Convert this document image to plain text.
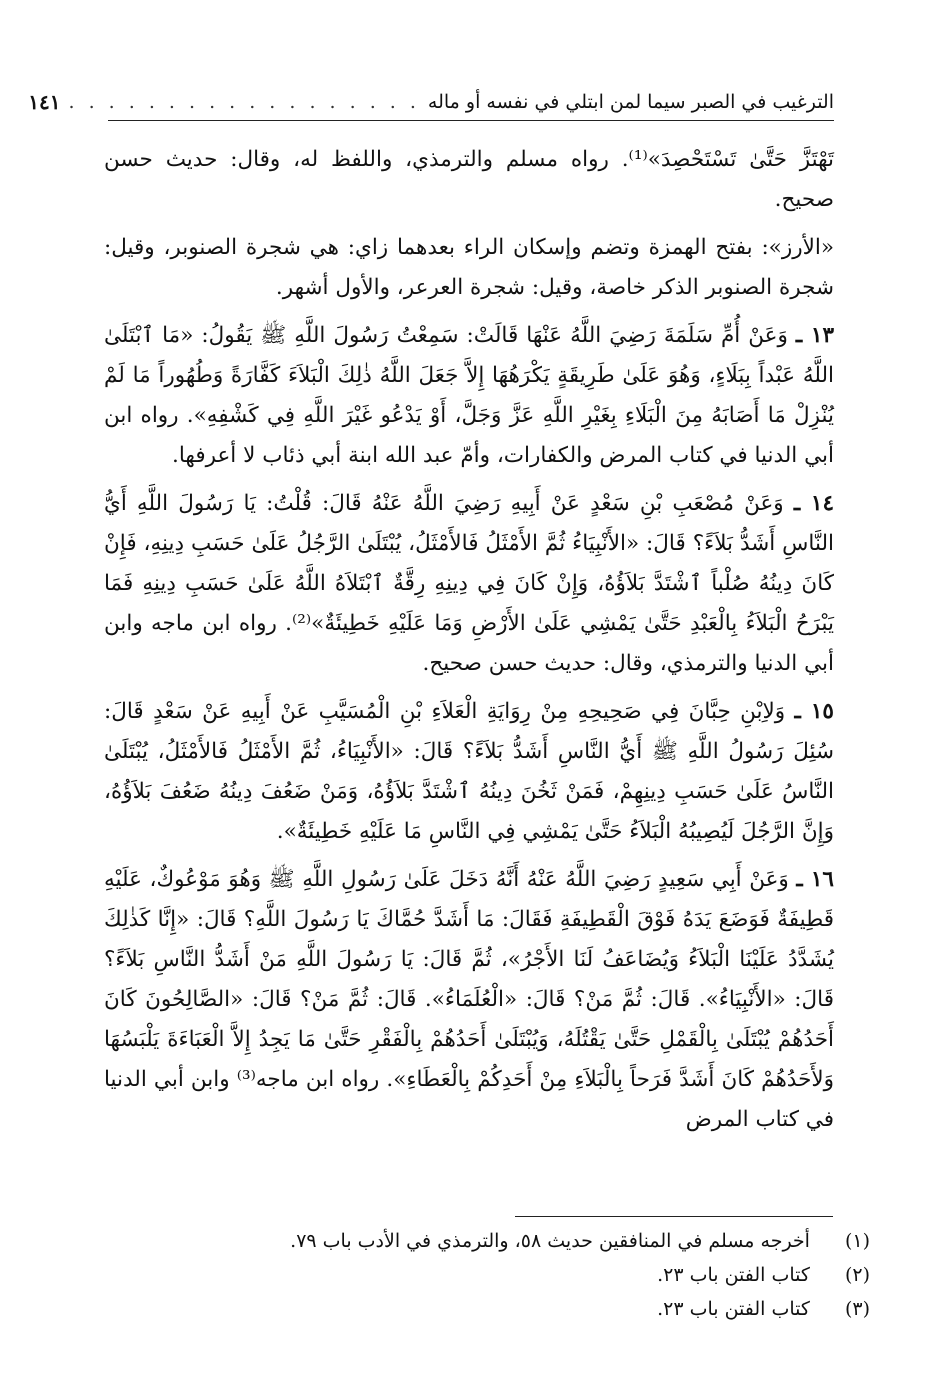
الترغيب في الصبر سيما لمن ابتلي في نفسه أو ماله
. . . . . . . . . . . . . . . . . .
١٤١

تَهْتَزَّ حَتَّىٰ تَسْتَحْصِدَ»⁽¹⁾. رواه مسلم والترمذي، واللفظ له، وقال: حديث حسن صحيح.

«الأرز»: بفتح الهمزة وتضم وإسكان الراء بعدهما زاي: هي شجرة الصنوبر، وقيل: شجرة الصنوبر الذكر خاصة، وقيل: شجرة العرعر، والأول أشهر.

١٣ ـ وَعَنْ أُمِّ سَلَمَةَ رَضِيَ اللَّهُ عَنْهَا قَالَتْ: سَمِعْتُ رَسُولَ اللَّهِ ﷺ يَقُولُ: «مَا ٱبْتَلَىٰ اللَّهُ عَبْداً بِبَلَاءٍ، وَهُوَ عَلَىٰ طَرِيقَةٍ يَكْرَهُهَا إِلاَّ جَعَلَ اللَّهُ ذٰلِكَ الْبَلاَءَ كَفَّارَةً وَطُهُوراً مَا لَمْ يُنْزِلْ مَا أَصَابَهُ مِنَ الْبَلَاءِ بِغَيْرِ اللَّهِ عَزَّ وَجَلَّ، أَوْ يَدْعُو غَيْرَ اللَّهِ فِي كَشْفِهِ». رواه ابن أبي الدنيا في كتاب المرض والكفارات، وأمّ عبد الله ابنة أبي ذئاب لا أعرفها.

١٤ ـ وَعَنْ مُصْعَبِ بْنِ سَعْدٍ عَنْ أَبِيهِ رَضِيَ اللَّهُ عَنْهُ قَالَ: قُلْتُ: يَا رَسُولَ اللَّهِ أَيُّ النَّاسِ أَشَدُّ بَلاَءً؟ قَالَ: «الأَنْبِيَاءُ ثُمَّ الأَمْثَلُ فَالأَمْثَلُ، يُبْتَلَىٰ الرَّجُلُ عَلَىٰ حَسَبِ دِينِهِ، فَإِنْ كَانَ دِينُهُ صُلْباً ٱشْتَدَّ بَلاَؤُهُ، وَإِنْ كَانَ فِي دِينِهِ رِقَّةٌ ٱبْتَلاَهُ اللَّهُ عَلَىٰ حَسَبِ دِينِهِ فَمَا يَبْرَحُ الْبَلاَءُ بِالْعَبْدِ حَتَّىٰ يَمْشِي عَلَىٰ الأَرْضِ وَمَا عَلَيْهِ خَطِيئَةٌ»⁽²⁾. رواه ابن ماجه وابن أبي الدنيا والترمذي، وقال: حديث حسن صحيح.

١٥ ـ وَلاِبْنِ حِبَّانَ فِي صَحِيحِهِ مِنْ رِوَايَةِ الْعَلاَءِ بْنِ الْمُسَيَّبِ عَنْ أَبِيهِ عَنْ سَعْدٍ قَالَ: سُئِلَ رَسُولُ اللَّهِ ﷺ أَيُّ النَّاسِ أَشَدُّ بَلاَءً؟ قَالَ: «الأَنْبِيَاءُ، ثُمَّ الأَمْثَلُ فَالأَمْثَلُ، يُبْتَلَىٰ النَّاسُ عَلَىٰ حَسَبِ دِينِهِمْ، فَمَنْ ثَخُنَ دِينُهُ ٱشْتَدَّ بَلاَؤُهُ، وَمَنْ ضَعُفَ دِينُهُ ضَعُفَ بَلاَؤُهُ، وَإِنَّ الرَّجُلَ لَيُصِيبُهُ الْبَلاَءُ حَتَّىٰ يَمْشِي فِي النَّاسِ مَا عَلَيْهِ خَطِيئَةٌ».

١٦ ـ وَعَنْ أَبِي سَعِيدٍ رَضِيَ اللَّهُ عَنْهُ أَنَّهُ دَخَلَ عَلَىٰ رَسُولِ اللَّهِ ﷺ وَهُوَ مَوْعُوكٌ، عَلَيْهِ قَطِيفَةٌ فَوَضَعَ يَدَهُ فَوْقَ الْقَطِيفَةِ فَقَالَ: مَا أَشَدَّ حُمَّاكَ يَا رَسُولَ اللَّهِ؟ قَالَ: «إِنَّا كَذٰلِكَ يُشَدَّدُ عَلَيْنَا الْبَلاَءُ وَيُضَاعَفُ لَنَا الأَجْرُ»، ثُمَّ قَالَ: يَا رَسُولَ اللَّهِ مَنْ أَشَدُّ النَّاسِ بَلاَءً؟ قَالَ: «الأَنْبِيَاءُ». قَالَ: ثُمَّ مَنْ؟ قَالَ: «الْعُلَمَاءُ». قَالَ: ثُمَّ مَنْ؟ قَالَ: «الصَّالِحُونَ كَانَ أَحَدُهُمْ يُبْتَلَىٰ بِالْقَمْلِ حَتَّىٰ يَقْتُلَهُ، وَيُبْتَلَىٰ أَحَدُهُمْ بِالْفَقْرِ حَتَّىٰ مَا يَجِدُ إِلاَّ الْعَبَاءَةَ يَلْبَسُهَا وَلأَحَدُهُمْ كَانَ أَشَدَّ فَرَحاً بِالْبَلاَءِ مِنْ أَحَدِكُمْ بِالْعَطَاءِ». رواه ابن ماجه⁽³⁾ وابن أبي الدنيا في كتاب المرض

(١) أخرجه مسلم في المنافقين حديث ٥٨، والترمذي في الأدب باب ٧٩.
(٢) كتاب الفتن باب ٢٣.
(٣) كتاب الفتن باب ٢٣.
